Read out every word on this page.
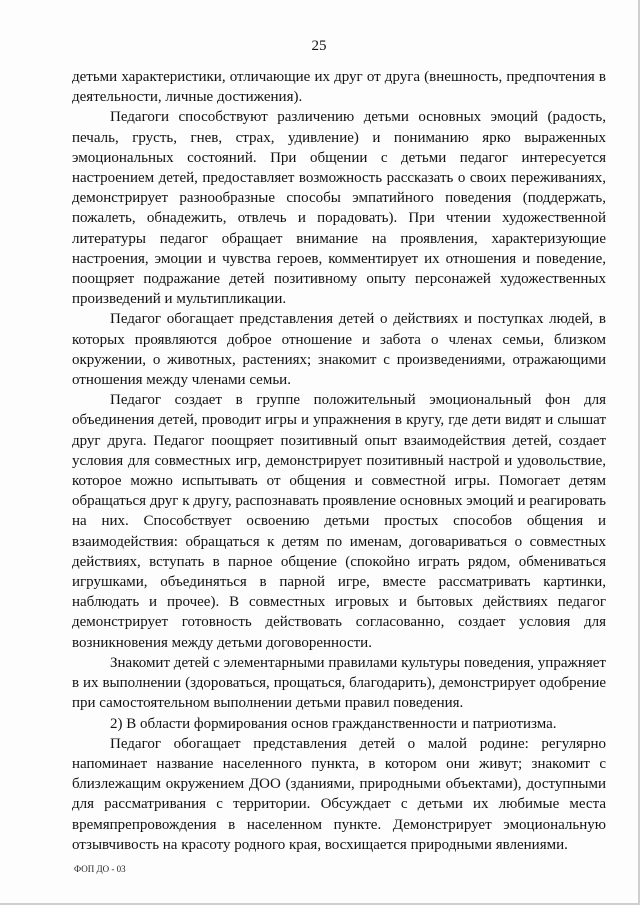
25

детьми характеристики, отличающие их друг от друга (внешность, предпочтения в деятельности, личные достижения).

Педагоги способствуют различению детьми основных эмоций (радость, печаль, грусть, гнев, страх, удивление) и пониманию ярко выраженных эмоциональных состояний. При общении с детьми педагог интересуется настроением детей, предоставляет возможность рассказать о своих переживаниях, демонстрирует разнообразные способы эмпатийного поведения (поддержать, пожалеть, обнадежить, отвлечь и порадовать). При чтении художественной литературы педагог обращает внимание на проявления, характеризующие настроения, эмоции и чувства героев, комментирует их отношения и поведение, поощряет подражание детей позитивному опыту персонажей художественных произведений и мультипликации.

Педагог обогащает представления детей о действиях и поступках людей, в которых проявляются доброе отношение и забота о членах семьи, близком окружении, о животных, растениях; знакомит с произведениями, отражающими отношения между членами семьи.

Педагог создает в группе положительный эмоциональный фон для объединения детей, проводит игры и упражнения в кругу, где дети видят и слышат друг друга. Педагог поощряет позитивный опыт взаимодействия детей, создает условия для совместных игр, демонстрирует позитивный настрой и удовольствие, которое можно испытывать от общения и совместной игры. Помогает детям обращаться друг к другу, распознавать проявление основных эмоций и реагировать на них. Способствует освоению детьми простых способов общения и взаимодействия: обращаться к детям по именам, договариваться о совместных действиях, вступать в парное общение (спокойно играть рядом, обмениваться игрушками, объединяться в парной игре, вместе рассматривать картинки, наблюдать и прочее). В совместных игровых и бытовых действиях педагог демонстрирует готовность действовать согласованно, создает условия для возникновения между детьми договоренности.

Знакомит детей с элементарными правилами культуры поведения, упражняет в их выполнении (здороваться, прощаться, благодарить), демонстрирует одобрение при самостоятельном выполнении детьми правил поведения.

2) В области формирования основ гражданственности и патриотизма.

Педагог обогащает представления детей о малой родине: регулярно напоминает название населенного пункта, в котором они живут; знакомит с близлежащим окружением ДОО (зданиями, природными объектами), доступными для рассматривания с территории. Обсуждает с детьми их любимые места времяпрепровождения в населенном пункте. Демонстрирует эмоциональную отзывчивость на красоту родного края, восхищается природными явлениями.

ФОП ДО - 03
